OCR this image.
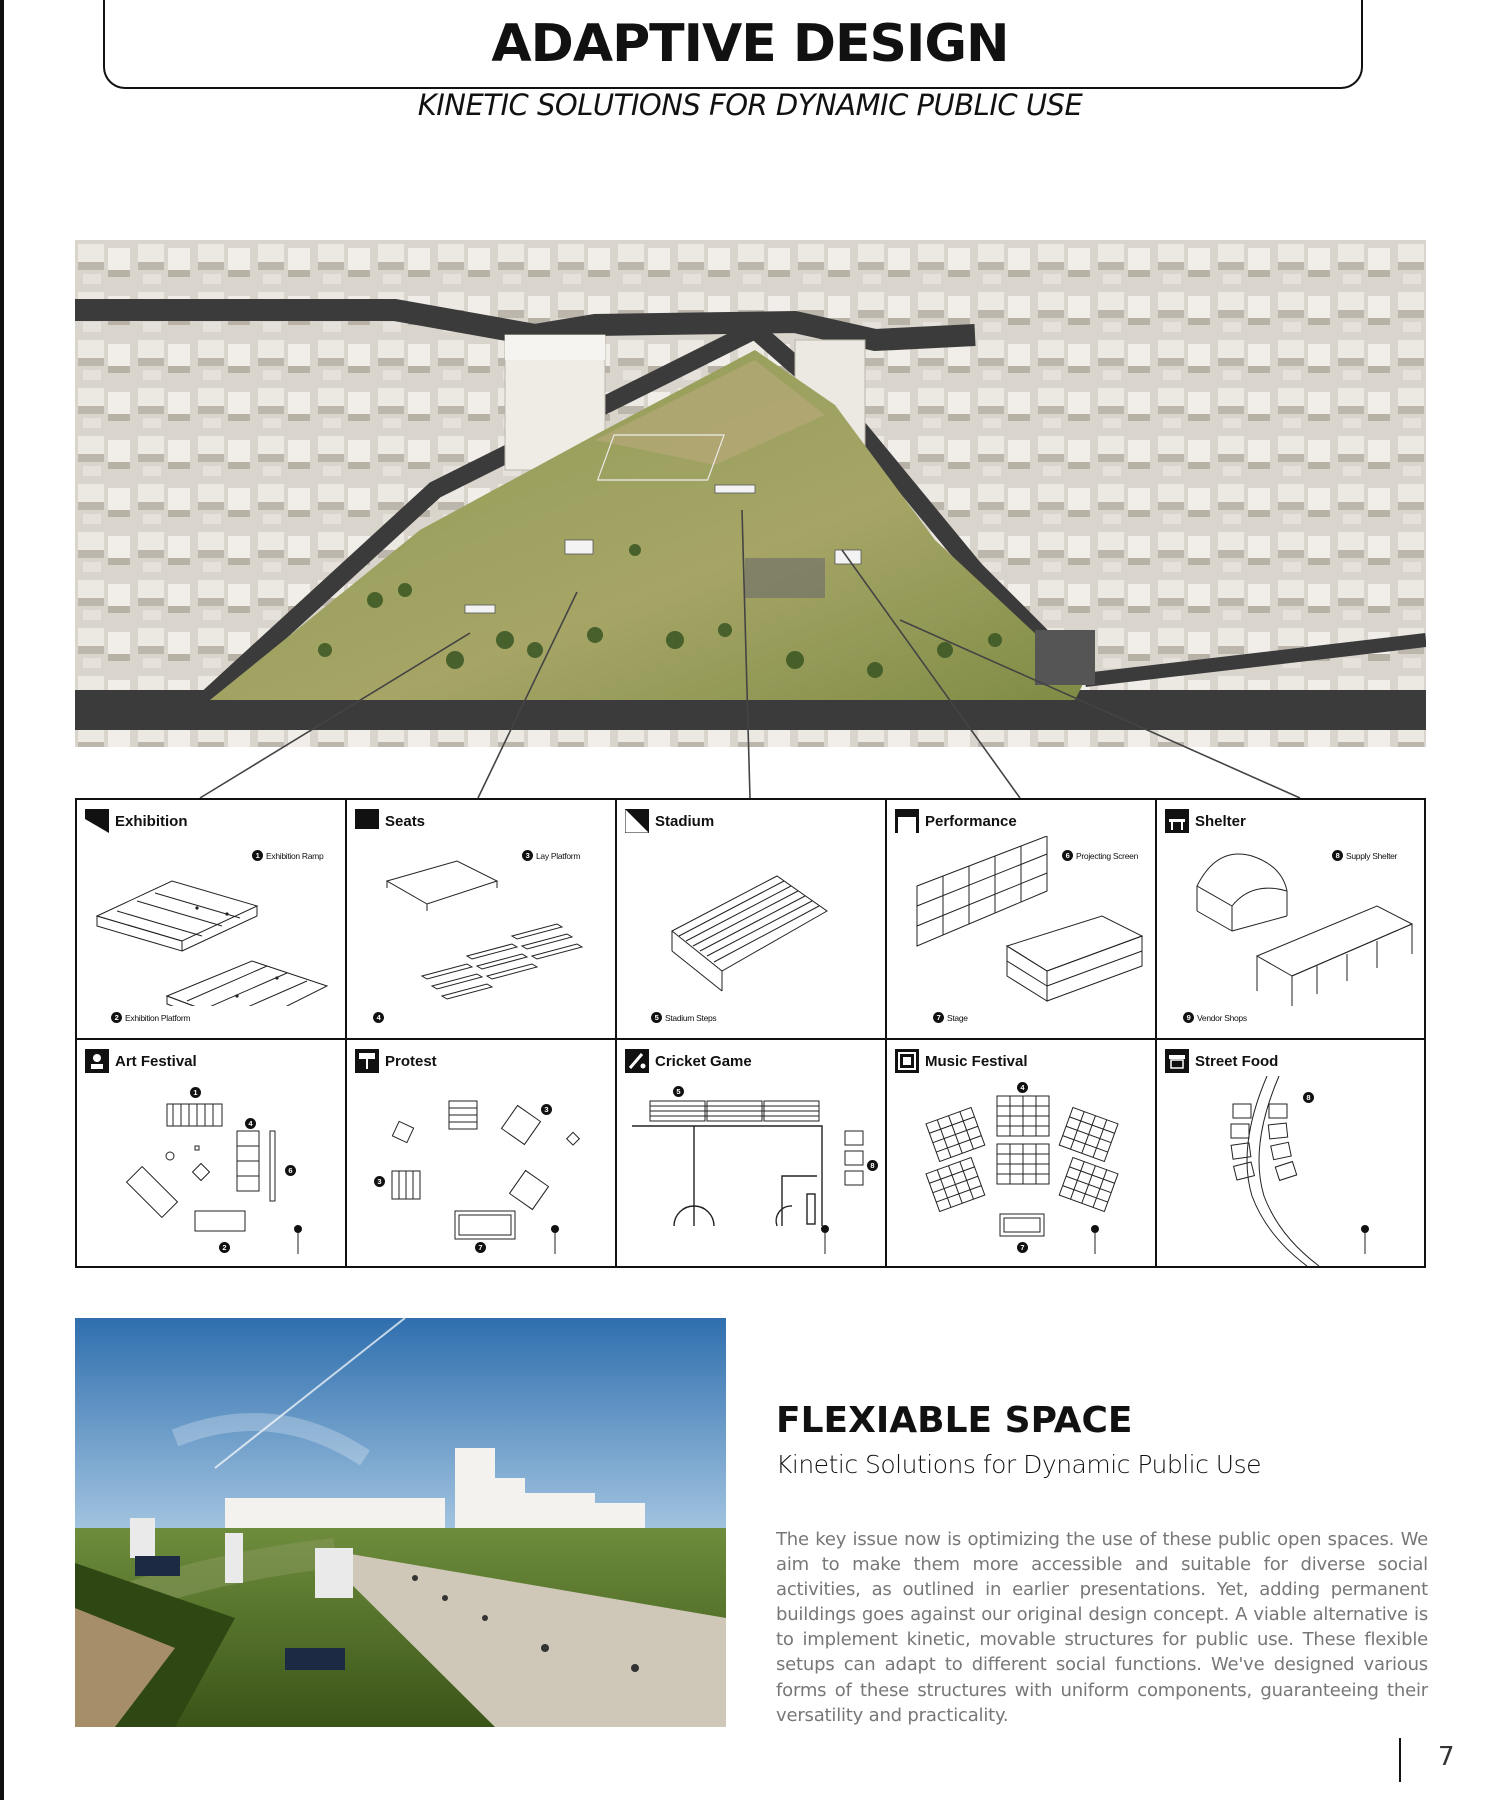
ADAPTIVE DESIGN
KINETIC SOLUTIONS FOR DYNAMIC PUBLIC USE
Exhibition
1 Exhibition Ramp
2 Exhibition Platform
Seats
3 Lay Platform
4
Stadium
5 Stadium Steps
Performance
6 Projecting Screen
7 Stage
Shelter
8 Supply Shelter
9 Vendor Shops
Art Festival
1
4
6
2
Protest
3
3
7
Cricket Game
5
8
Music Festival
4
7
Street Food
8
FLEXIABLE SPACE
Kinetic Solutions for Dynamic Public Use
The key issue now is optimizing the use of these public open spaces. We aim to make them more accessible and suitable for diverse social activities, as outlined in earlier presentations. Yet, adding permanent buildings goes against our original design concept. A viable alternative is to implement kinetic, movable structures for public use. These flexible setups can adapt to different social functions. We've designed various forms of these structures with uniform components, guaranteeing their versatility and practicality.
7
